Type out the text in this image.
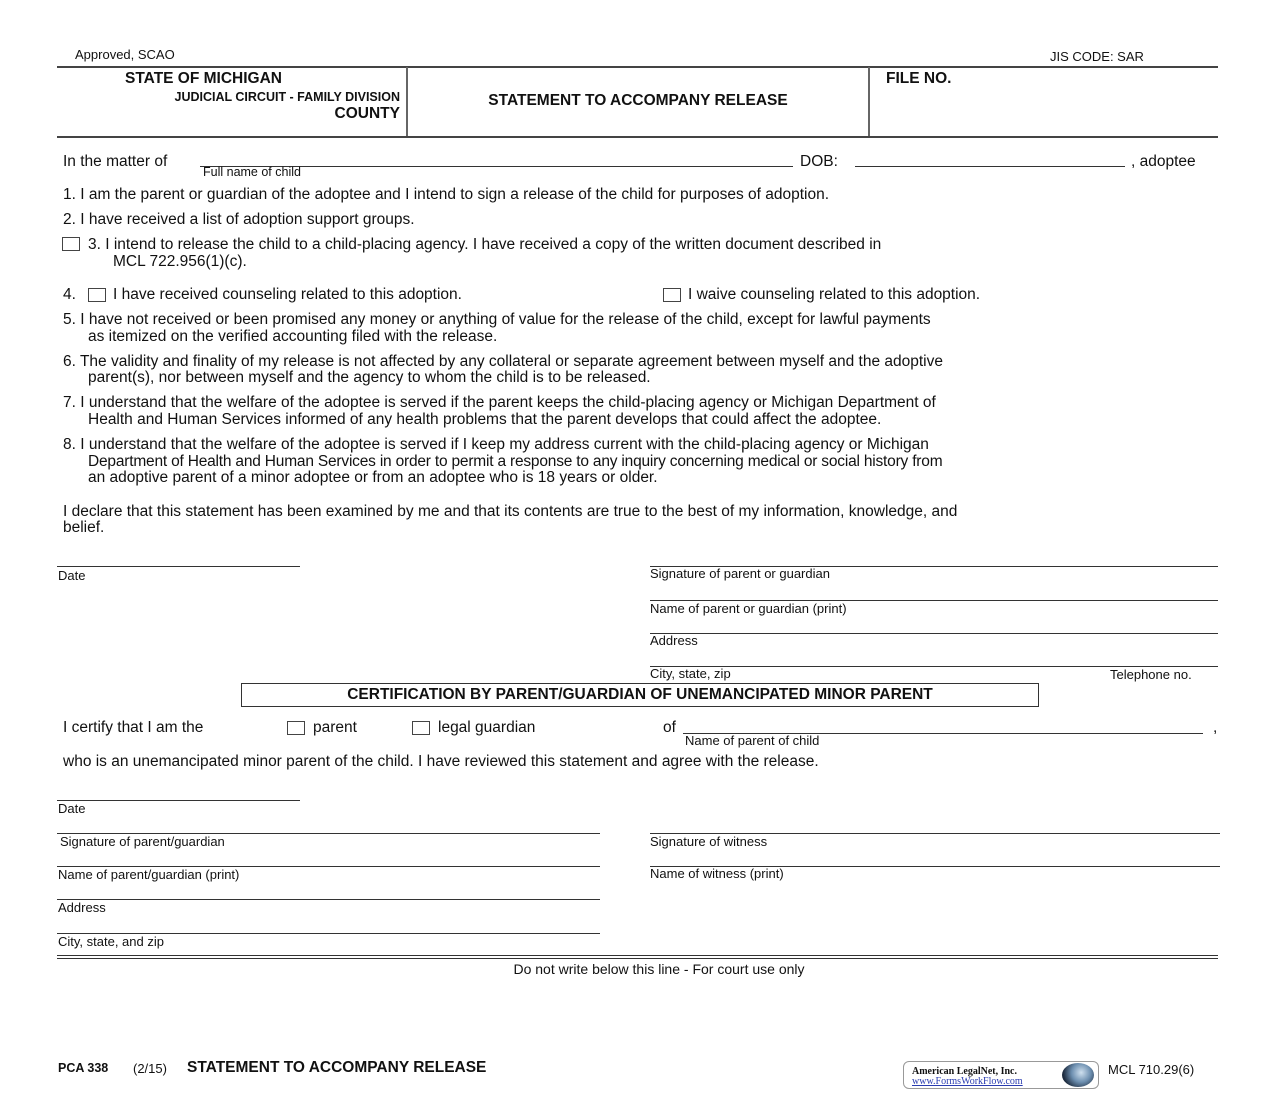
Approved, SCAO	JIS CODE: SAR
STATE OF MICHIGAN
JUDICIAL CIRCUIT - FAMILY DIVISION
COUNTY
STATEMENT TO ACCOMPANY RELEASE
FILE NO.
In the matter of
Full name of child
DOB:	, adoptee
1. I am the parent or guardian of the adoptee and I intend to sign a release of the child for purposes of adoption.
2. I have received a list of adoption support groups.
3. I intend to release the child to a child-placing agency. I have received a copy of the written document described in
MCL 722.956(1)(c).
4. I have received counseling related to this adoption.	I waive counseling related to this adoption.
5. I have not received or been promised any money or anything of value for the release of the child, except for lawful payments
as itemized on the verified accounting filed with the release.
6. The validity and finality of my release is not affected by any collateral or separate agreement between myself and the adoptive
parent(s), nor between myself and the agency to whom the child is to be released.
7. I understand that the welfare of the adoptee is served if the parent keeps the child-placing agency or Michigan Department of
Health and Human Services informed of any health problems that the parent develops that could affect the adoptee.
8. I understand that the welfare of the adoptee is served if I keep my address current with the child-placing agency or Michigan
Department of Health and Human Services in order to permit a response to any inquiry concerning medical or social history from
an adoptive parent of a minor adoptee or from an adoptee who is 18 years or older.
I declare that this statement has been examined by me and that its contents are true to the best of my information, knowledge, and
belief.
Date	Signature of parent or guardian
Name of parent or guardian (print)
Address
City, state, zip	Telephone no.
CERTIFICATION BY PARENT/GUARDIAN OF UNEMANCIPATED MINOR PARENT
I certify that I am the	parent	legal guardian	of
Name of parent of child
,
who is an unemancipated minor parent of the child. I have reviewed this statement and agree with the release.
Date
Signature of parent/guardian
Name of parent/guardian (print)
Address
City, state, and zip
Signature of witness
Name of witness (print)
Do not write below this line - For court use only
PCA 338 (2/15) STATEMENT TO ACCOMPANY RELEASE	American LegalNet, Inc.
www.FormsWorkFlow.com
MCL 710.29(6)
